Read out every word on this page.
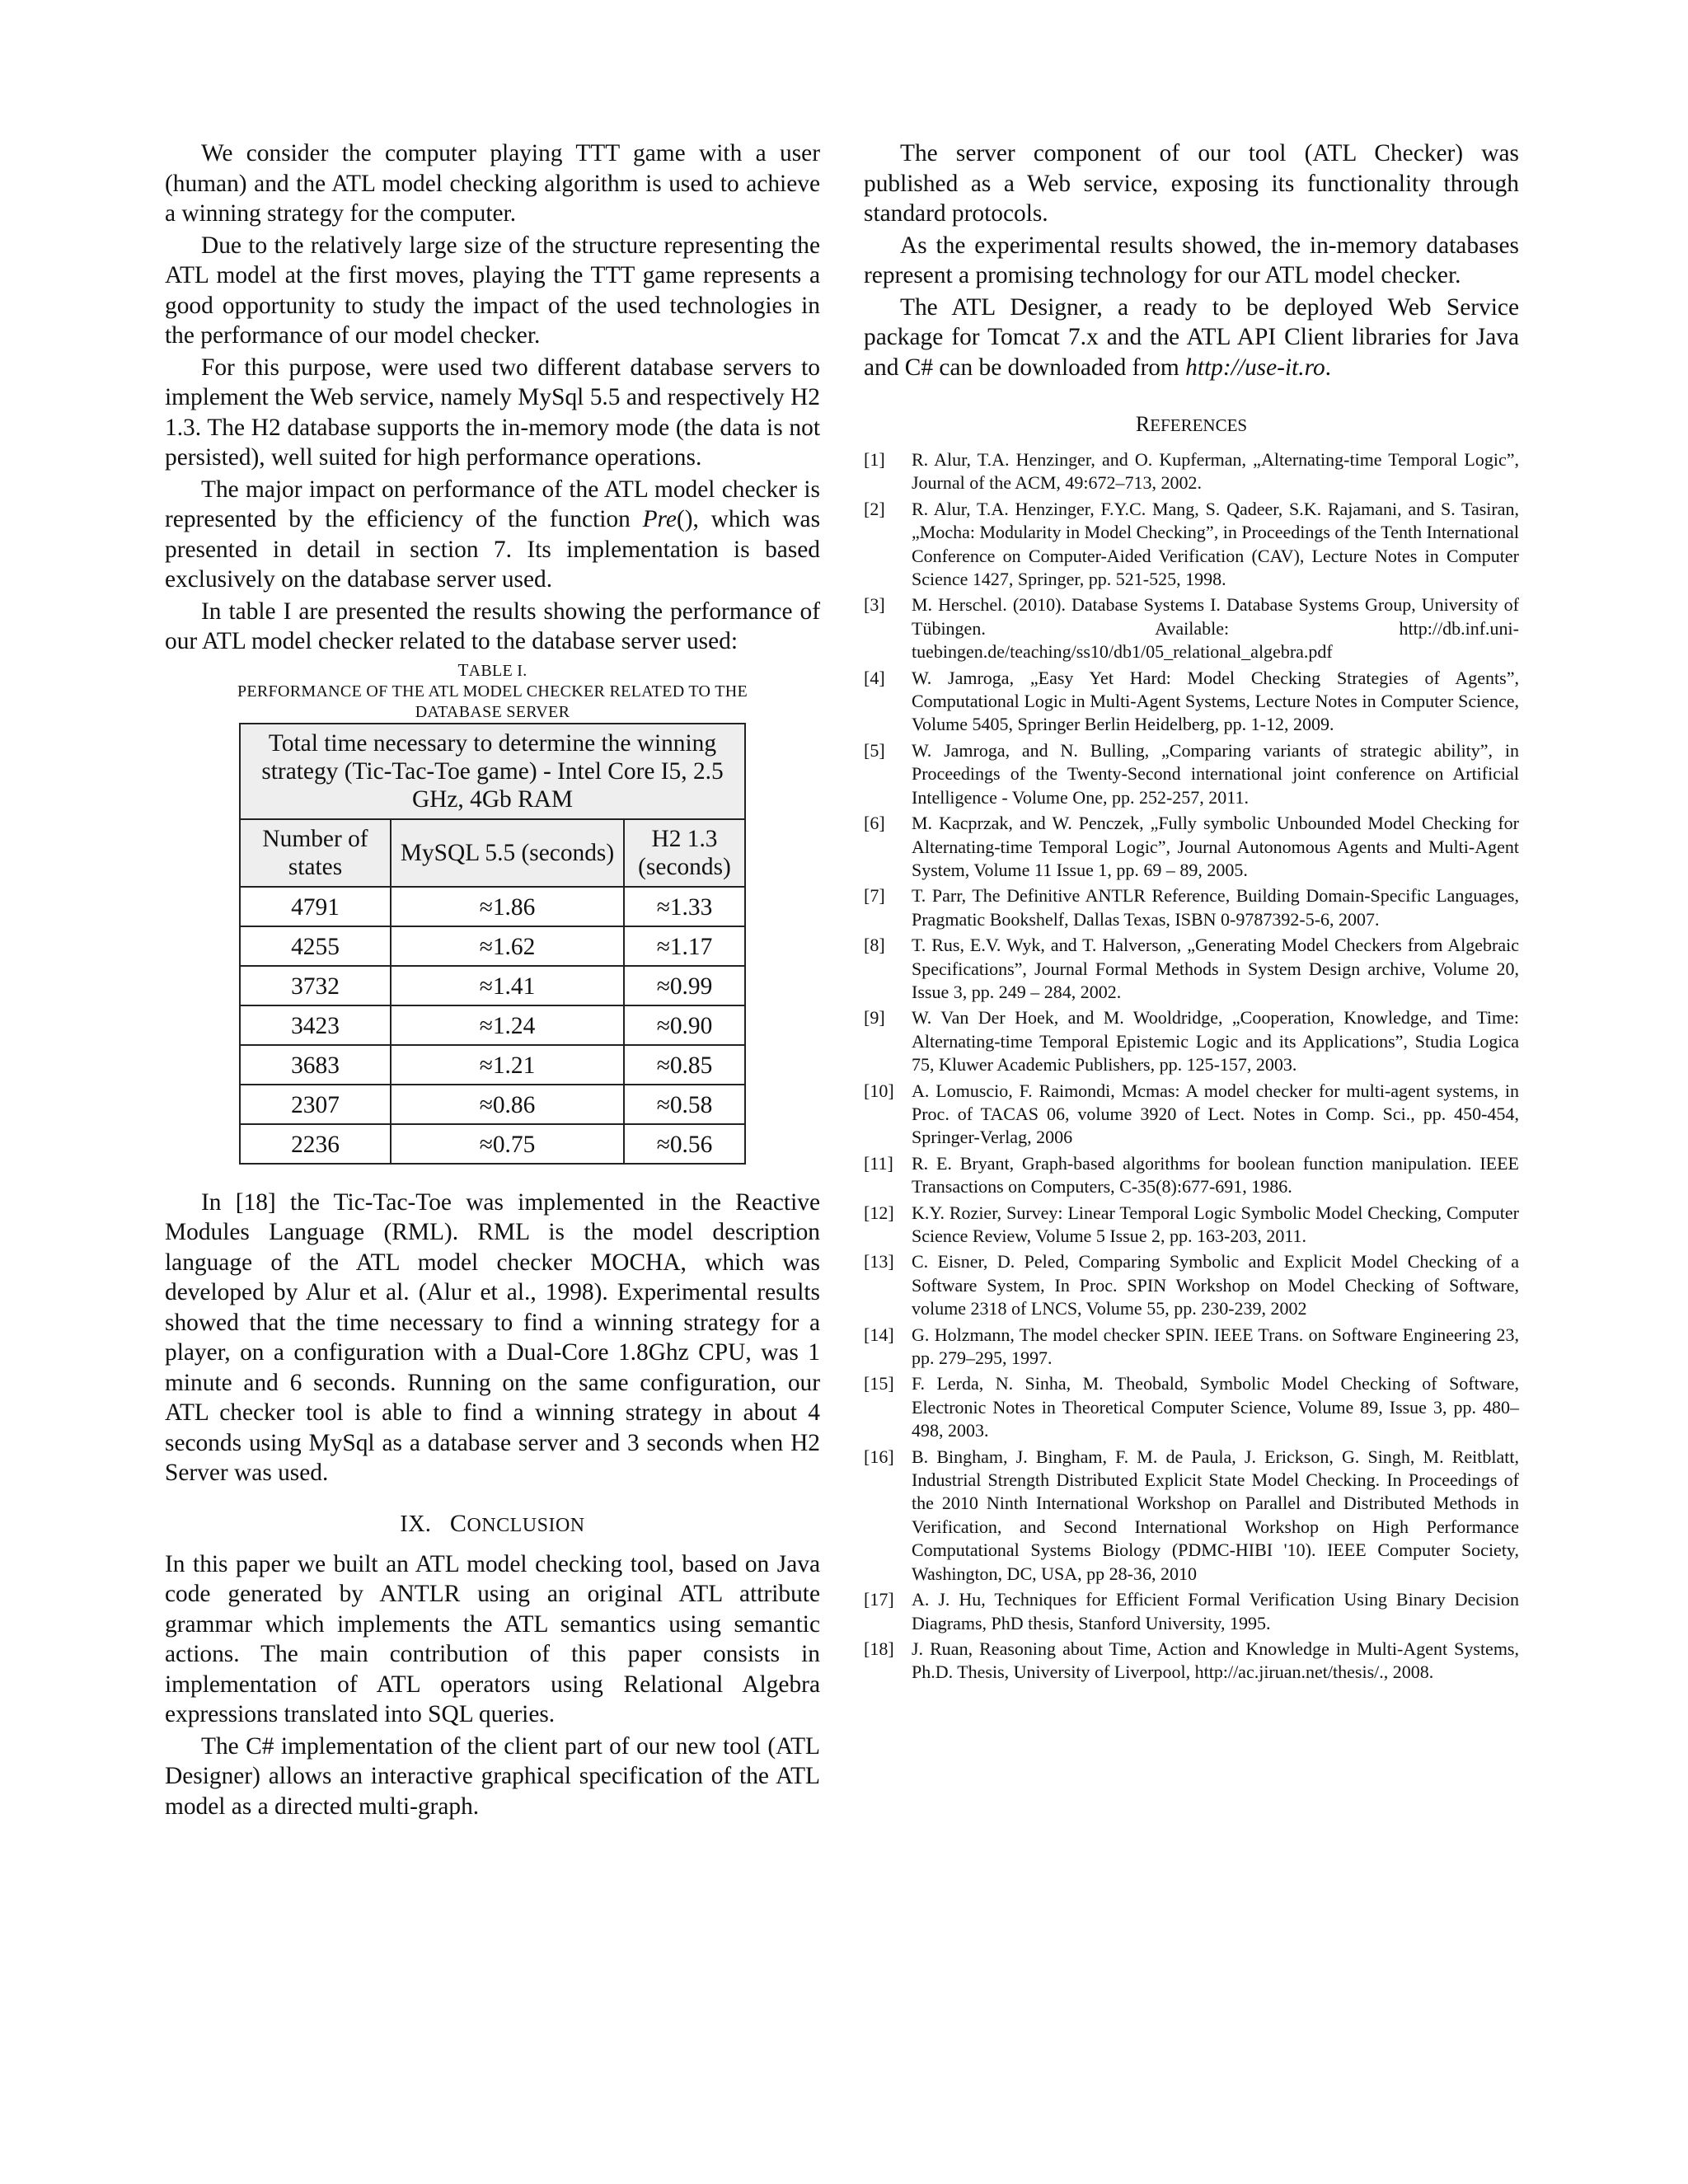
We consider the computer playing TTT game with a user (human) and the ATL model checking algorithm is used to achieve a winning strategy for the computer.

Due to the relatively large size of the structure representing the ATL model at the first moves, playing the TTT game represents a good opportunity to study the impact of the used technologies in the performance of our model checker.

For this purpose, were used two different database servers to implement the Web service, namely MySql 5.5 and respectively H2 1.3. The H2 database supports the in-memory mode (the data is not persisted), well suited for high performance operations.

The major impact on performance of the ATL model checker is represented by the efficiency of the function Pre(), which was presented in detail in section 7. Its implementation is based exclusively on the database server used.

In table I are presented the results showing the performance of our ATL model checker related to the database server used:

TABLE I.
PERFORMANCE OF THE ATL MODEL CHECKER RELATED TO THE
DATABASE SERVER
Total time necessary to determine the winning strategy (Tic-Tac-Toe game) - Intel Core I5, 2.5 GHz, 4Gb RAM		
Number of states	MySQL 5.5 (seconds)	H2 1.3 (seconds)
4791	≈1.86	≈1.33
4255	≈1.62	≈1.17
3732	≈1.41	≈0.99
3423	≈1.24	≈0.90
3683	≈1.21	≈0.85
2307	≈0.86	≈0.58
2236	≈0.75	≈0.56

In [18] the Tic-Tac-Toe was implemented in the Reactive Modules Language (RML). RML is the model description language of the ATL model checker MOCHA, which was developed by Alur et al. (Alur et al., 1998). Experimental results showed that the time necessary to find a winning strategy for a player, on a configuration with a Dual-Core 1.8Ghz CPU, was 1 minute and 6 seconds. Running on the same configuration, our ATL checker tool is able to find a winning strategy in about 4 seconds using MySql as a database server and 3 seconds when H2 Server was used.

IX. CONCLUSION

In this paper we built an ATL model checking tool, based on Java code generated by ANTLR using an original ATL attribute grammar which implements the ATL semantics using semantic actions. The main contribution of this paper consists in implementation of ATL operators using Relational Algebra expressions translated into SQL queries.

The C# implementation of the client part of our new tool (ATL Designer) allows an interactive graphical specification of the ATL model as a directed multi-graph.

The server component of our tool (ATL Checker) was published as a Web service, exposing its functionality through standard protocols.

As the experimental results showed, the in-memory databases represent a promising technology for our ATL model checker.

The ATL Designer, a ready to be deployed Web Service package for Tomcat 7.x and the ATL API Client libraries for Java and C# can be downloaded from http://use-it.ro.

REFERENCES
[1]	R. Alur, T.A. Henzinger, and O. Kupferman, „Alternating-time Temporal Logic”, Journal of the ACM, 49:672–713, 2002.
[2]	R. Alur, T.A. Henzinger, F.Y.C. Mang, S. Qadeer, S.K. Rajamani, and S. Tasiran, „Mocha: Modularity in Model Checking”, in Proceedings of the Tenth International Conference on Computer-Aided Verification (CAV), Lecture Notes in Computer Science 1427, Springer, pp. 521-525, 1998.
[3]	M. Herschel. (2010). Database Systems I. Database Systems Group, University of Tübingen. Available: http://db.inf.uni-tuebingen.de/teaching/ss10/db1/05_relational_algebra.pdf
[4]	W. Jamroga, „Easy Yet Hard: Model Checking Strategies of Agents”, Computational Logic in Multi-Agent Systems, Lecture Notes in Computer Science, Volume 5405, Springer Berlin Heidelberg, pp. 1-12, 2009.
[5]	W. Jamroga, and N. Bulling, „Comparing variants of strategic ability”, in Proceedings of the Twenty-Second international joint conference on Artificial Intelligence - Volume One, pp. 252-257, 2011.
[6]	M. Kacprzak, and W. Penczek, „Fully symbolic Unbounded Model Checking for Alternating-time Temporal Logic”, Journal Autonomous Agents and Multi-Agent System, Volume 11 Issue 1, pp. 69 – 89, 2005.
[7]	T. Parr, The Definitive ANTLR Reference, Building Domain-Specific Languages, Pragmatic Bookshelf, Dallas Texas, ISBN 0-9787392-5-6, 2007.
[8]	T. Rus, E.V. Wyk, and T. Halverson, „Generating Model Checkers from Algebraic Specifications”, Journal Formal Methods in System Design archive, Volume 20, Issue 3, pp. 249 – 284, 2002.
[9]	W. Van Der Hoek, and M. Wooldridge, „Cooperation, Knowledge, and Time: Alternating-time Temporal Epistemic Logic and its Applications”, Studia Logica 75, Kluwer Academic Publishers, pp. 125-157, 2003.
[10] A. Lomuscio, F. Raimondi, Mcmas: A model checker for multi-agent systems, in Proc. of TACAS 06, volume 3920 of Lect. Notes in Comp. Sci., pp. 450-454, Springer-Verlag, 2006
[11]	R. E. Bryant, Graph-based algorithms for boolean function manipulation. IEEE Transactions on Computers, C-35(8):677-691, 1986.
[12] K.Y. Rozier, Survey: Linear Temporal Logic Symbolic Model Checking, Computer Science Review, Volume 5 Issue 2, pp. 163-203, 2011.
[13] C. Eisner, D. Peled, Comparing Symbolic and Explicit Model Checking of a Software System, In Proc. SPIN Workshop on Model Checking of Software, volume 2318 of LNCS, Volume 55, pp. 230-239, 2002
[14] G. Holzmann, The model checker SPIN. IEEE Trans. on Software Engineering 23, pp. 279–295, 1997.
[15] F. Lerda, N. Sinha, M. Theobald, Symbolic Model Checking of Software, Electronic Notes in Theoretical Computer Science, Volume 89, Issue 3, pp. 480–498, 2003.
[16] B. Bingham, J. Bingham, F. M. de Paula, J. Erickson, G. Singh, M. Reitblatt, Industrial Strength Distributed Explicit State Model Checking. In Proceedings of the 2010 Ninth International Workshop on Parallel and Distributed Methods in Verification, and Second International Workshop on High Performance Computational Systems Biology (PDMC-HIBI '10). IEEE Computer Society, Washington, DC, USA, pp 28-36, 2010
[17] A. J. Hu, Techniques for Efficient Formal Verification Using Binary Decision Diagrams, PhD thesis, Stanford University, 1995.
[18] J. Ruan, Reasoning about Time, Action and Knowledge in Multi-Agent Systems, Ph.D. Thesis, University of Liverpool, http://ac.jiruan.net/thesis/., 2008.
